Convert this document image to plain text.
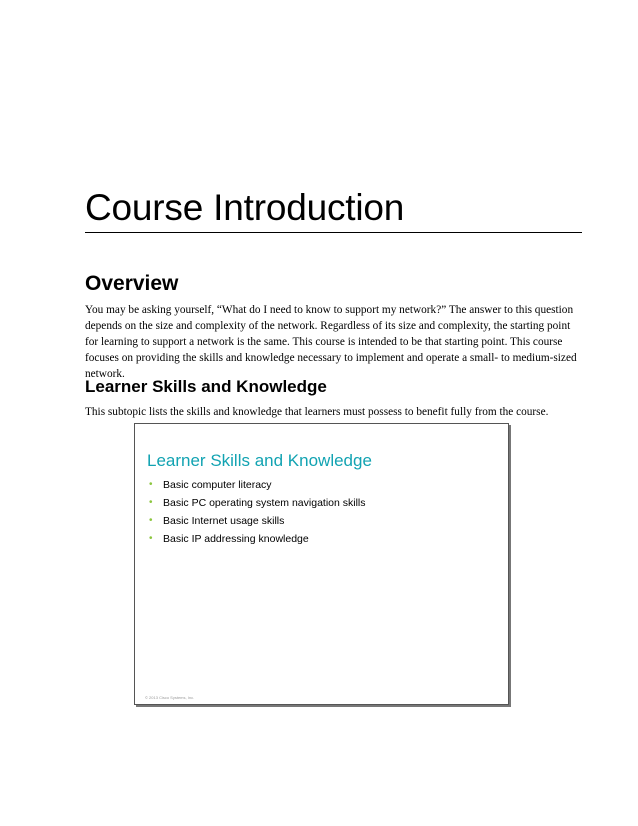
Course Introduction
Overview

You may be asking yourself, “What do I need to know to support my network?” The answer to this question depends on the size and complexity of the network. Regardless of its size and complexity, the starting point for learning to support a network is the same. This course is intended to be that starting point. This course focuses on providing the skills and knowledge necessary to implement and operate a small- to medium-sized network.

Learner Skills and Knowledge

This subtopic lists the skills and knowledge that learners must possess to benefit fully from the course.

Learner Skills and Knowledge
• Basic computer literacy
• Basic PC operating system navigation skills
• Basic Internet usage skills
• Basic IP addressing knowledge
© 2013 Cisco Systems, Inc.
